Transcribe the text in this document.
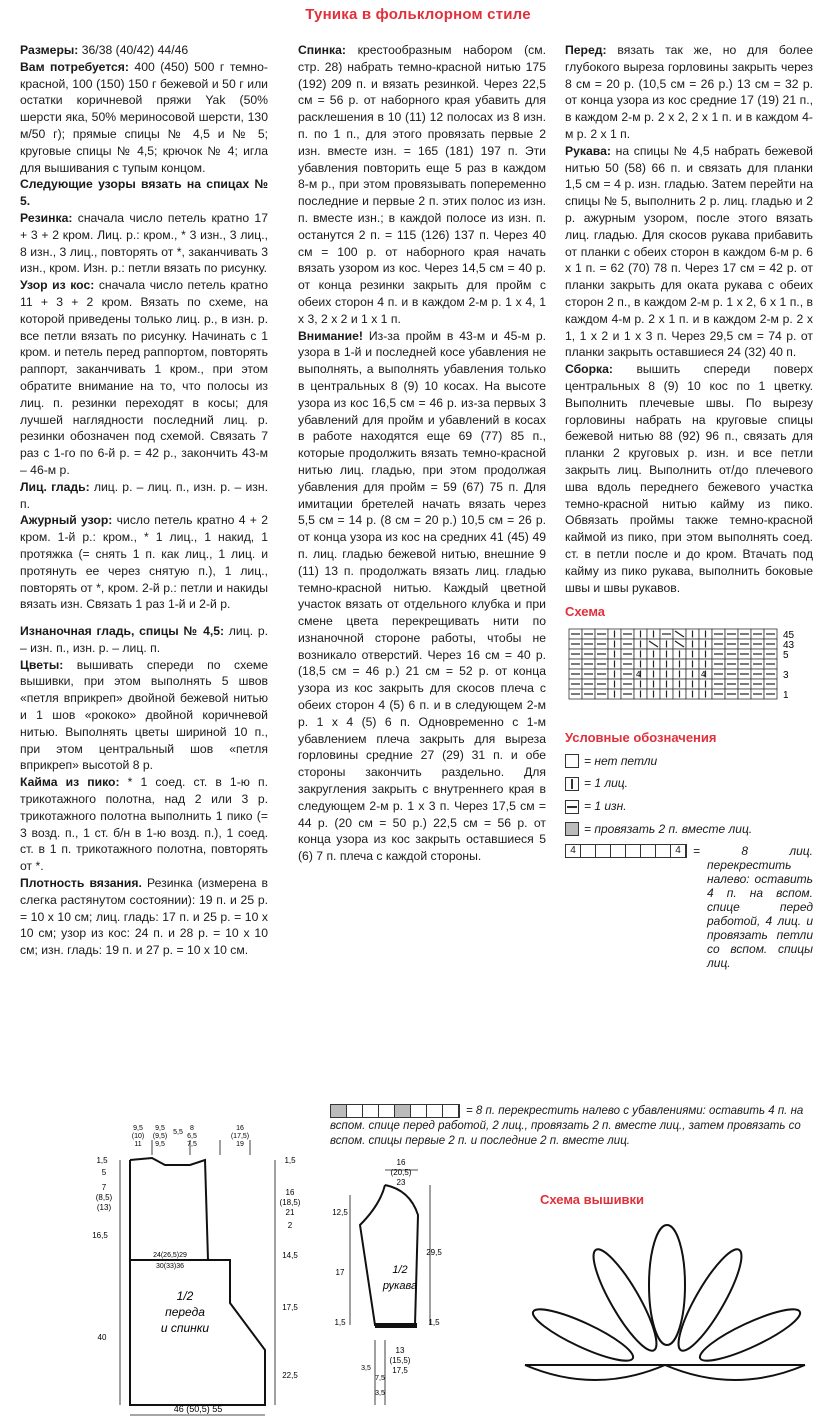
Туника в фольклорном стиле
Размеры: 36/38 (40/42) 44/46
Вам потребуется: 400 (450) 500 г темно-красной, 100 (150) 150 г бежевой и 50 г или остатки коричневой пряжи Yak (50% шерсти яка, 50% мериносовой шерсти, 130 м/50 г); прямые спицы № 4,5 и № 5; круговые спицы № 4,5; крючок № 4; игла для вышивания с тупым концом.
Следующие узоры вязать на спицах № 5.
Резинка: сначала число петель кратно 17 + 3 + 2 кром. Лиц. р.: кром., * 3 изн., 3 лиц., 8 изн., 3 лиц., повторять от *, заканчивать 3 изн., кром. Изн. р.: петли вязать по рисунку.
Узор из кос: сначала число петель кратно 11 + 3 + 2 кром. Вязать по схеме, на которой приведены только лиц. р., в изн. р. все петли вязать по рисунку. Начинать с 1 кром. и петель перед раппортом, повторять раппорт, заканчивать 1 кром., при этом обратите внимание на то, что полосы из лиц. п. резинки переходят в косы; для лучшей наглядности последний лиц. р. резинки обозначен под схемой. Связать 7 раз с 1-го по 6-й р. = 42 р., закончить 43-м – 46-м р.
Лиц. гладь: лиц. р. – лиц. п., изн. р. – изн. п.
Ажурный узор: число петель кратно 4 + 2 кром. 1-й р.: кром., * 1 лиц., 1 накид, 1 протяжка (= снять 1 п. как лиц., 1 лиц. и протянуть ее через снятую п.), 1 лиц., повторять от *, кром. 2-й р.: петли и накиды вязать изн. Связать 1 раз 1-й и 2-й р.
Изнаночная гладь, спицы № 4,5: лиц. р. – изн. п., изн. р. – лиц. п.
Цветы: вышивать спереди по схеме вышивки, при этом выполнять 5 швов «петля вприкреп» двойной бежевой нитью и 1 шов «рококо» двойной коричневой нитью. Выполнять цветы шириной 10 п., при этом центральный шов «петля вприкреп» высотой 8 р.
Кайма из пико: * 1 соед. ст. в 1-ю п. трикотажного полотна, над 2 или 3 р. трикотажного полотна выполнить 1 пико (= 3 возд. п., 1 ст. б/н в 1-ю возд. п.), 1 соед. ст. в 1 п. трикотажного полотна, повторять от *.
Плотность вязания. Резинка (измерена в слегка растянутом состоянии): 19 п. и 25 р. = 10 х 10 см; лиц. гладь: 17 п. и 25 р. = 10 х 10 см; узор из кос: 24 п. и 28 р. = 10 х 10 см; изн. гладь: 19 п. и 27 р. = 10 х 10 см.
Спинка: крестообразным набором (см. стр. 28) набрать темно-красной нитью 175 (192) 209 п. и вязать резинкой. Через 22,5 см = 56 р. от наборного края убавить для расклешения в 10 (11) 12 полосах из 8 изн. п. по 1 п., для этого провязать первые 2 изн. вместе изн. = 165 (181) 197 п. Эти убавления повторить еще 5 раз в каждом 8-м р., при этом провязывать попеременно последние и первые 2 п. этих полос из изн. п. вместе изн.; в каждой полосе из изн. п. останутся 2 п. = 115 (126) 137 п. Через 40 см = 100 р. от наборного края начать вязать узором из кос. Через 14,5 см = 40 р. от конца резинки закрыть для пройм с обеих сторон 4 п. и в каждом 2-м р. 1 х 4, 1 х 3, 2 х 2 и 1 х 1 п.
Внимание! Из-за пройм в 43-м и 45-м р. узора в 1-й и последней косе убавления не выполнять, а выполнять убавления только в центральных 8 (9) 10 косах. На высоте узора из кос 16,5 см = 46 р. из-за первых 3 убавлений для пройм и убавлений в косах в работе находятся еще 69 (77) 85 п., которые продолжить вязать темно-красной нитью лиц. гладью, при этом продолжая убавления для пройм = 59 (67) 75 п. Для имитации бретелей начать вязать через 5,5 см = 14 р. (8 см = 20 р.) 10,5 см = 26 р. от конца узора из кос на средних 41 (45) 49 п. лиц. гладью бежевой нитью, внешние 9 (11) 13 п. продолжать вязать лиц. гладью темно-красной нитью. Каждый цветной участок вязать от отдельного клубка и при смене цвета перекрещивать нити по изнаночной стороне работы, чтобы не возникало отверстий. Через 16 см = 40 р. (18,5 см = 46 р.) 21 см = 52 р. от конца узора из кос закрыть для скосов плеча с обеих сторон 4 (5) 6 п. и в следующем 2-м р. 1 х 4 (5) 6 п. Одновременно с 1-м убавлением плеча закрыть для выреза горловины средние 27 (29) 31 п. и обе стороны закончить раздельно. Для закругления закрыть с внутреннего края в следующем 2-м р. 1 х 3 п. Через 17,5 см = 44 р. (20 см = 50 р.) 22,5 см = 56 р. от конца узора из кос закрыть оставшиеся 5 (6) 7 п. плеча с каждой стороны.
Перед: вязать так же, но для более глубокого выреза горловины закрыть через 8 см = 20 р. (10,5 см = 26 р.) 13 см = 32 р. от конца узора из кос средние 17 (19) 21 п., в каждом 2-м р. 2 х 2, 2 х 1 п. и в каждом 4-м р. 2 х 1 п.
Рукава: на спицы № 4,5 набрать бежевой нитью 50 (58) 66 п. и связать для планки 1,5 см = 4 р. изн. гладью. Затем перейти на спицы № 5, выполнить 2 р. лиц. гладью и 2 р. ажурным узором, после этого вязать лиц. гладью. Для скосов рукава прибавить от планки с обеих сторон в каждом 6-м р. 6 х 1 п. = 62 (70) 78 п. Через 17 см = 42 р. от планки закрыть для оката рукава с обеих сторон 2 п., в каждом 2-м р. 1 х 2, 6 х 1 п., в каждом 4-м р. 2 х 1 п. и в каждом 2-м р. 2 х 1, 1 х 2 и 1 х 3 п. Через 29,5 см = 74 р. от планки закрыть оставшиеся 24 (32) 40 п.
Сборка: вышить спереди поверх центральных 8 (9) 10 кос по 1 цветку. Выполнить плечевые швы. По вырезу горловины набрать на круговые спицы бежевой нитью 88 (92) 96 п., связать для планки 2 круговых р. изн. и все петли закрыть лиц. Выполнить от/до плечевого шва вдоль переднего бежевого участка темно-красной нитью кайму из пико. Обвязать проймы также темно-красной каймой из пико, при этом выполнять соед. ст. в петли после и до кром. Втачать под кайму из пико рукава, выполнить боковые швы и швы рукавов.
Схема
4	4
45
43
5
3
1
Условные обозначения
= нет петли
= 1 лиц.
= 1 изн.
= провязать 2 п. вместе лиц.
4	4	= 8 лиц. перекрестить налево: оставить 4 п. на вспом. спице перед работой, 4 лиц. и провязать петли со вспом. спицы лиц.
= 8 п. перекрестить налево с убавлениями: оставить 4 п. на вспом. спице перед работой, 2 лиц., провязать 2 п. вместе лиц., затем провязать со вспом. спицы первые 2 п. и последние 2 п. вместе лиц.
1/2
переда
и спинки
24(26,5)29
30(33)36
46 (50,5) 55
9,5
(10)
11
9,5
(9,5)
9,5
5,5
8
6,5
7,5
16
(17,5)
19
1,5
5
7
(8,5)
(13)
16,5
40
1,5
16
(18,5)
21
2
14,5
17,5
22,5
1/2
рукава
16
(20,5)
23
12,5
17
1,5
29,5
1,5
13
(15,5)
17,5
3,5
7,5
3,5
Схема вышивки
